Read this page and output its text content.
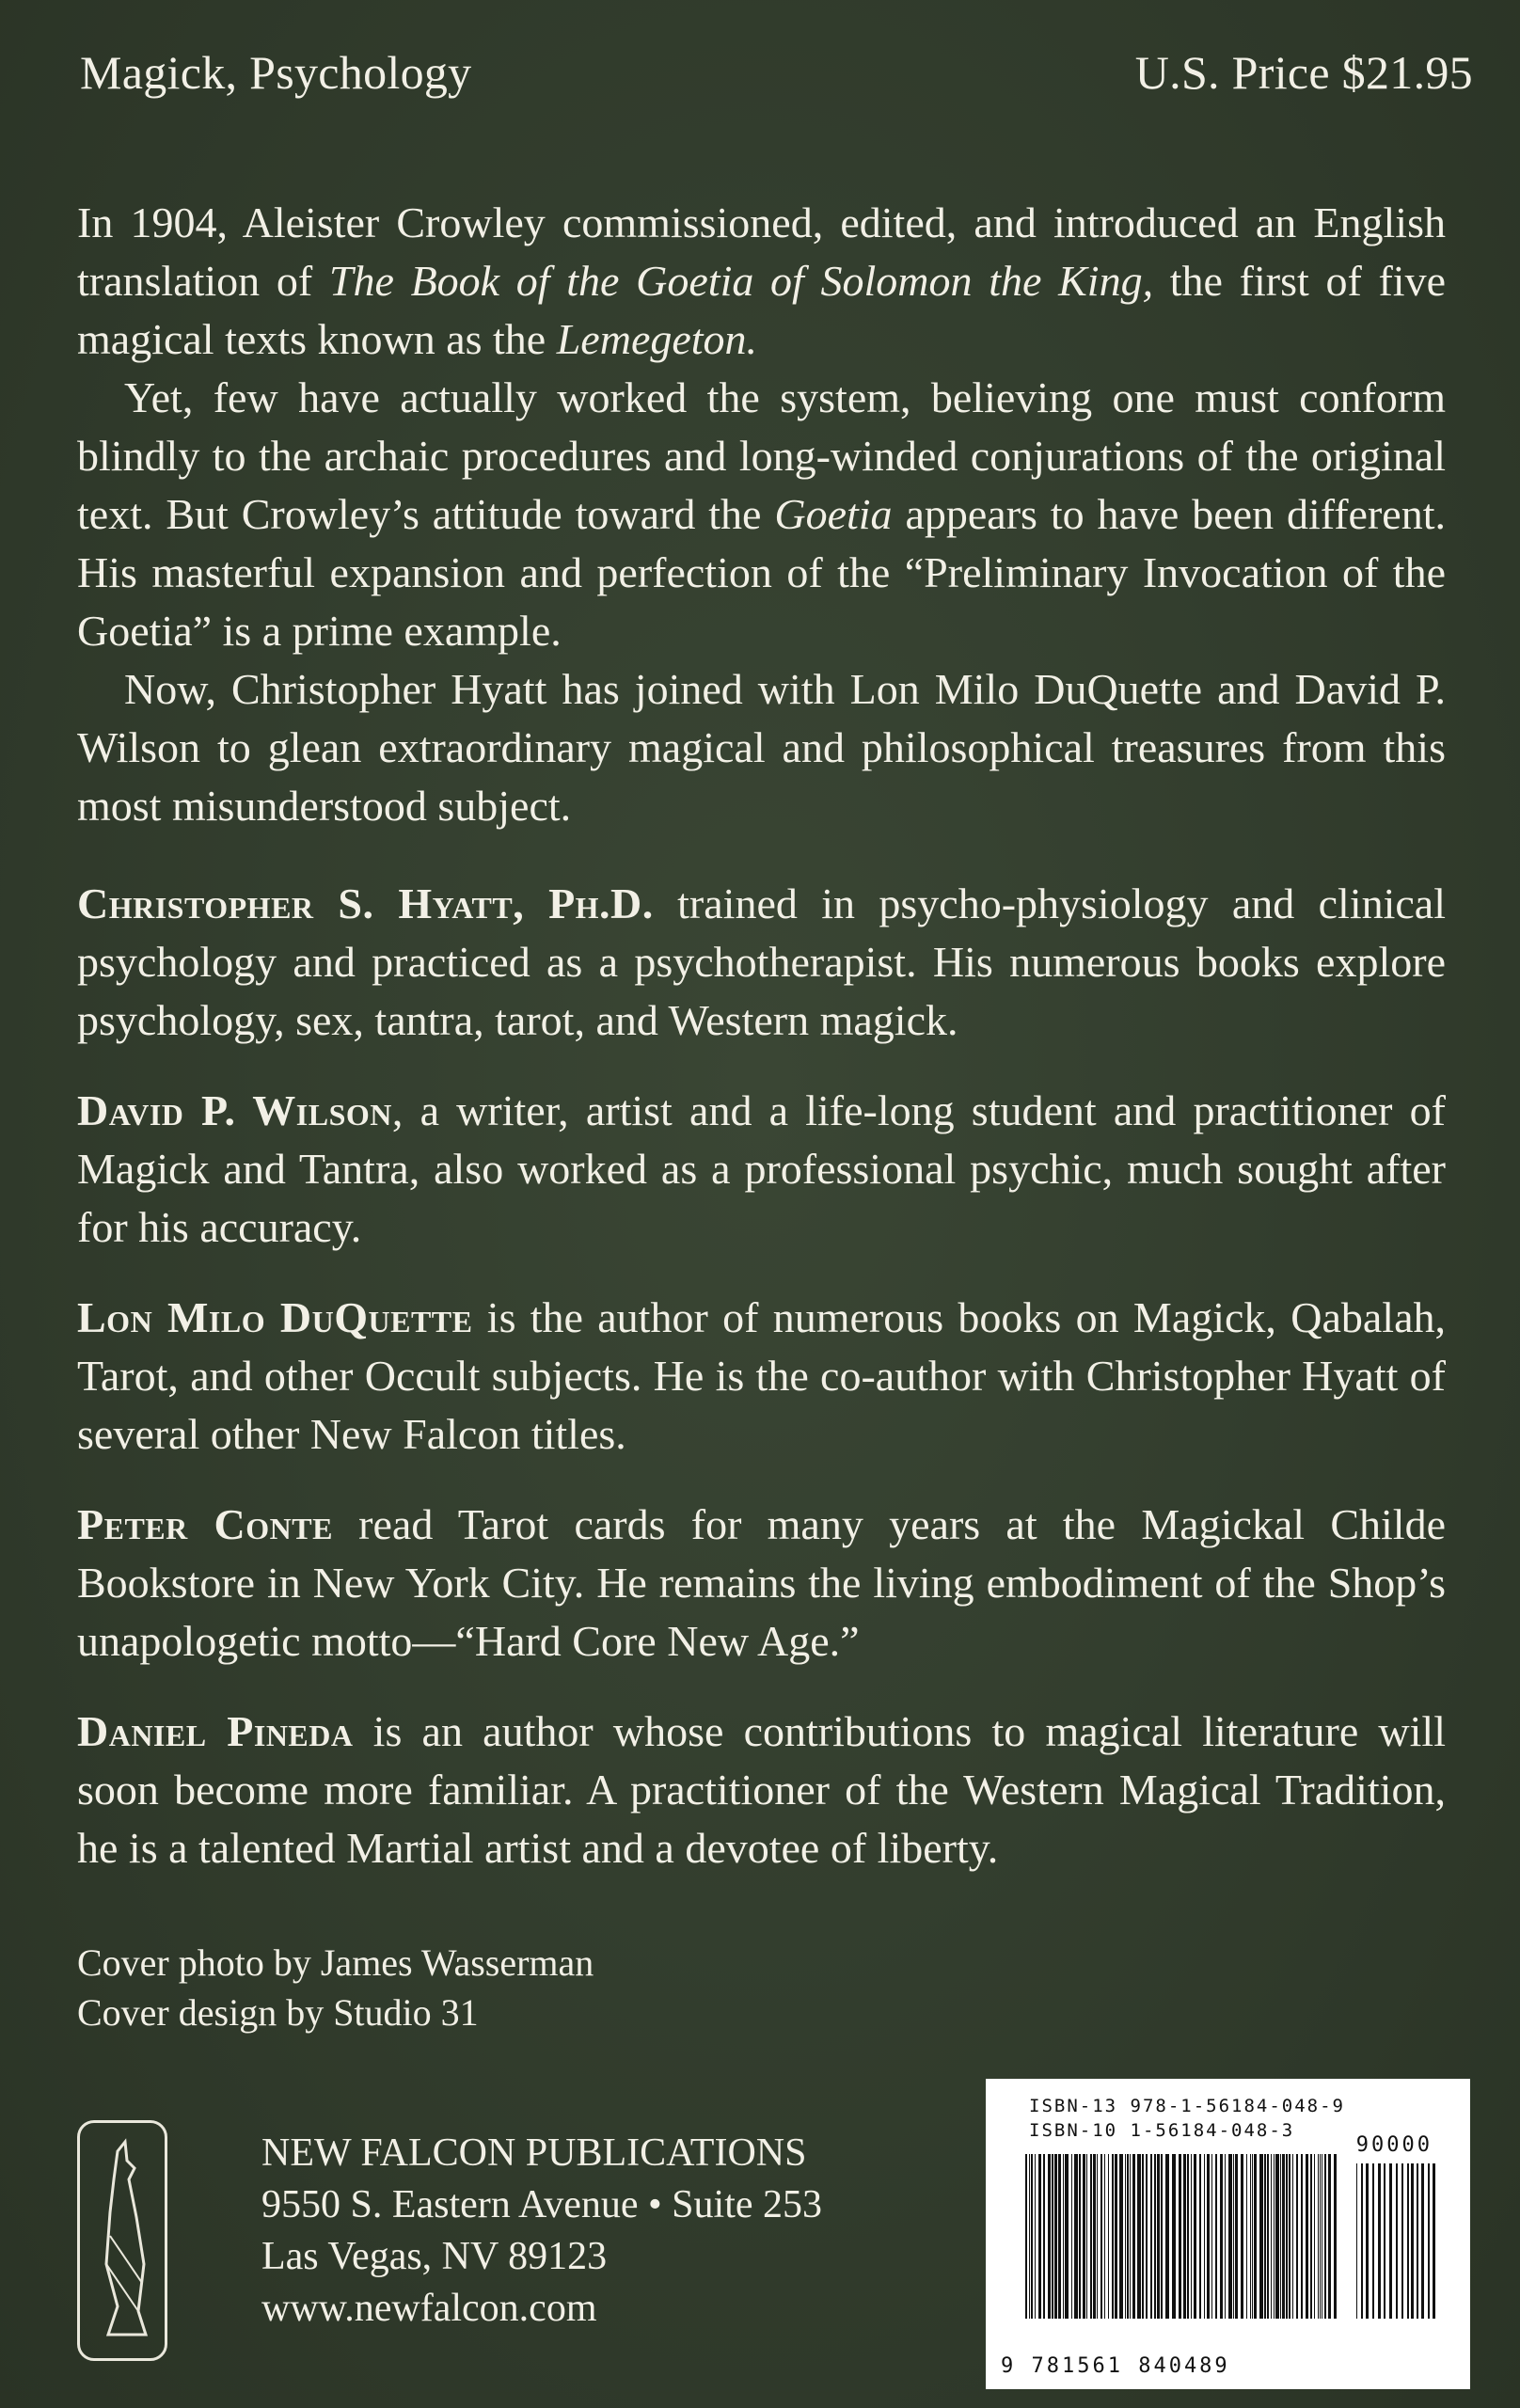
Magick, Psychology	U.S. Price $21.95

In 1904, Aleister Crowley commissioned, edited, and introduced an English translation of The Book of the Goetia of Solomon the King, the first of five magical texts known as the Lemegeton.

Yet, few have actually worked the system, believing one must conform blindly to the archaic procedures and long-winded conjurations of the original text. But Crowley’s attitude toward the Goetia appears to have been different. His masterful expansion and perfection of the “Preliminary Invocation of the Goetia” is a prime example.

Now, Christopher Hyatt has joined with Lon Milo DuQuette and David P. Wilson to glean extraordinary magical and philosophical treasures from this most misunderstood subject.

Christopher S. Hyatt, Ph.D. trained in psycho-physiology and clinical psychology and practiced as a psychotherapist. His numerous books explore psychology, sex, tantra, tarot, and Western magick.

David P. Wilson, a writer, artist and a life-long student and practitioner of Magick and Tantra, also worked as a professional psychic, much sought after for his accuracy.

Lon Milo DuQuette is the author of numerous books on Magick, Qabalah, Tarot, and other Occult subjects. He is the co-author with Christopher Hyatt of several other New Falcon titles.

Peter Conte read Tarot cards for many years at the Magickal Childe Bookstore in New York City. He remains the living embodiment of the Shop’s unapologetic motto—“Hard Core New Age.”

Daniel Pineda is an author whose contributions to magical literature will soon become more familiar. A practitioner of the Western Magical Tradition, he is a talented Martial artist and a devotee of liberty.

Cover photo by James Wasserman
Cover design by Studio 31
NEW FALCON PUBLICATIONS
9550 S. Eastern Avenue • Suite 253
Las Vegas, NV 89123
www.newfalcon.com
ISBN-13 978-1-56184-048-9
ISBN-10 1-56184-048-3
90000
9 781561 840489
